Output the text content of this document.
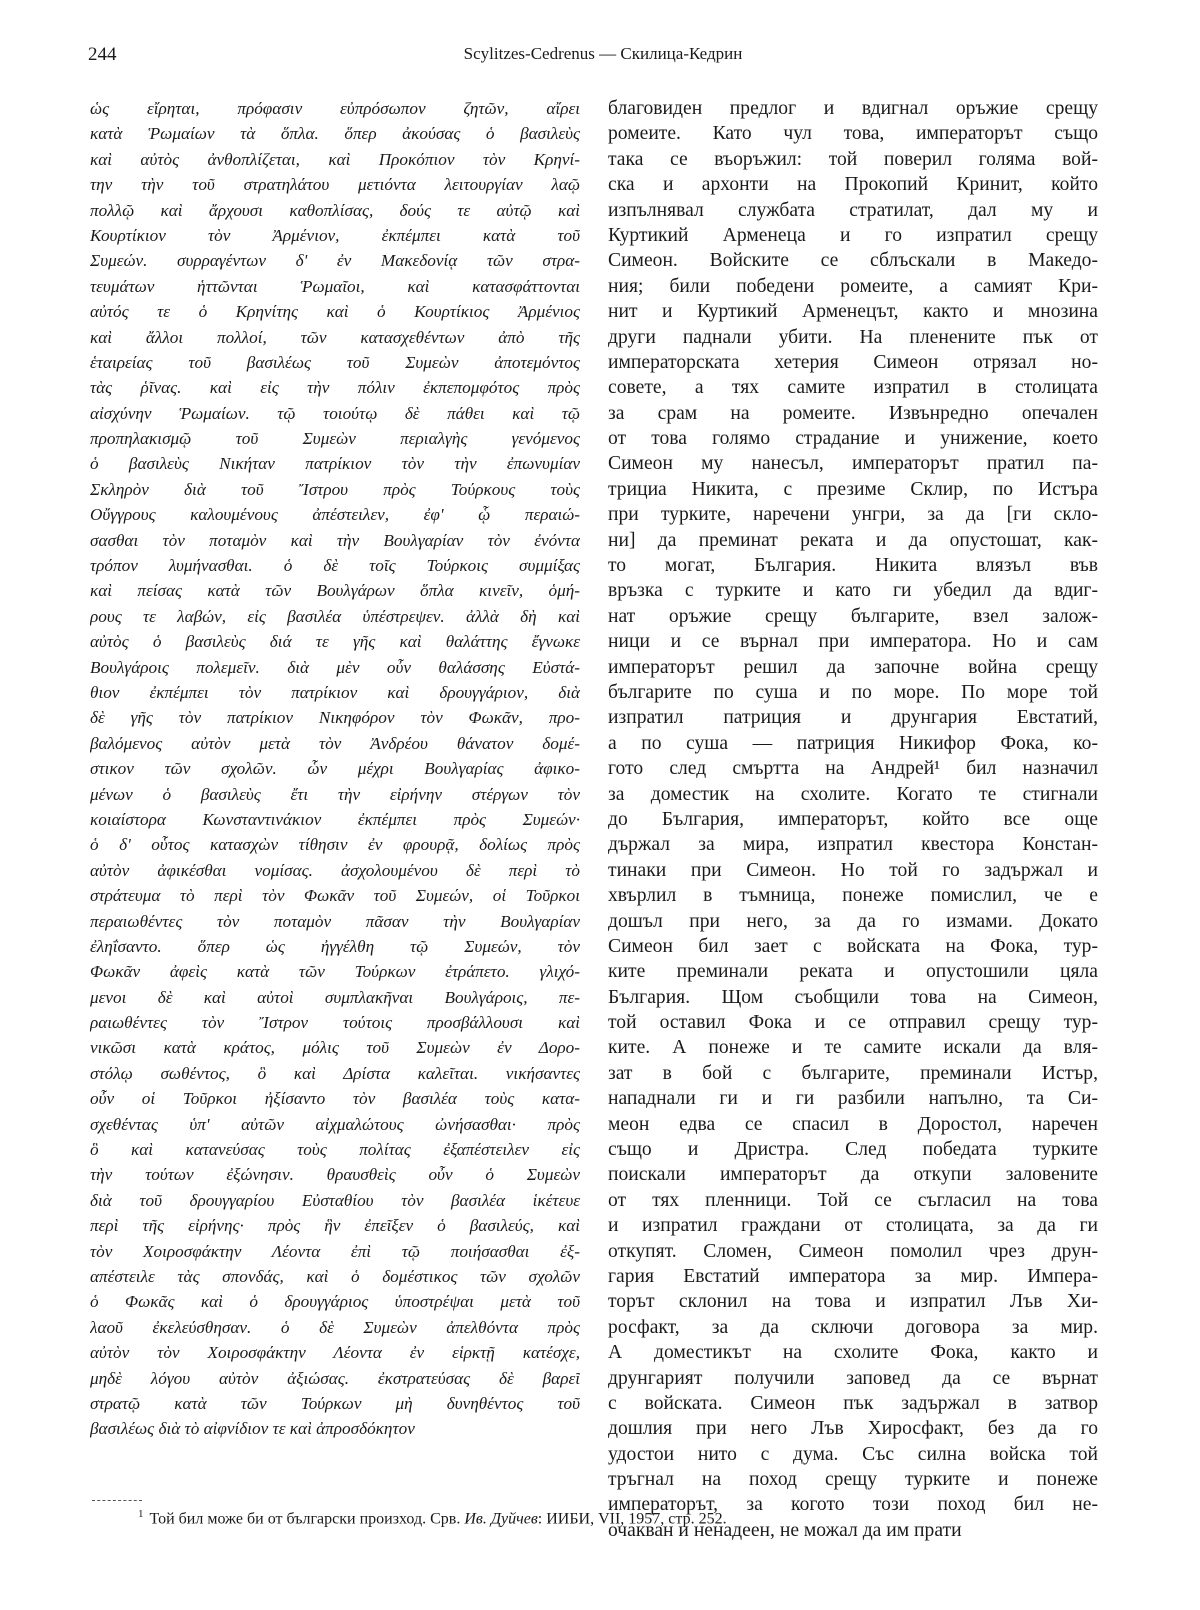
244	Scylitzes-Cedrenus — Скилица-Кедрин
ὡς εἴρηται, πρόφασιν εὐπρόσωπον ζητῶν, αἴρει
κατὰ Ῥωμαίων τὰ ὅπλα. ὅπερ ἀκούσας ὁ βασιλεὺς
καὶ αὐτὸς ἀνθοπλίζεται, καὶ Προκόπιον τὸν Κρηνί-
την τὴν τοῦ στρατηλάτου μετιόντα λειτουργίαν λαῷ
πολλῷ καὶ ἄρχουσι καθοπλίσας, δούς τε αὐτῷ καὶ
Κουρτίκιον τὸν Ἀρμένιον, ἐκπέμπει κατὰ τοῦ
Συμεών. συρραγέντων δ' ἐν Μακεδονίᾳ τῶν στρα-
τευμάτων ἡττῶνται Ῥωμαῖοι, καὶ κατασφάττονται
αὐτός τε ὁ Κρηνίτης καὶ ὁ Κουρτίκιος Ἀρμένιος
καὶ ἄλλοι πολλοί, τῶν κατασχεθέντων ἀπὸ τῆς
ἑταιρείας τοῦ βασιλέως τοῦ Συμεὼν ἀποτεμόντος
τὰς ῥῖνας. καὶ εἰς τὴν πόλιν ἐκπεπομφότος πρὸς
αἰσχύνην Ῥωμαίων. τῷ τοιούτῳ δὲ πάθει καὶ τῷ
προπηλακισμῷ τοῦ Συμεὼν περιαλγὴς γενόμενος
ὁ βασιλεὺς Νικήταν πατρίκιον τὸν τὴν ἐπωνυμίαν
Σκληρὸν διὰ τοῦ Ἴστρου πρὸς Τούρκους τοὺς
Οὔγγρους καλουμένους ἀπέστειλεν, ἐφ' ᾧ περαιώ-
σασθαι τὸν ποταμὸν καὶ τὴν Βουλγαρίαν τὸν ἐνόντα
τρόπον λυμήνασθαι. ὁ δὲ τοῖς Τούρκοις συμμίξας
καὶ πείσας κατὰ τῶν Βουλγάρων ὅπλα κινεῖν, ὁμή-
ρους τε λαβών, εἰς βασιλέα ὑπέστρεψεν. ἀλλὰ δὴ καὶ
αὐτὸς ὁ βασιλεὺς διά τε γῆς καὶ θαλάττης ἔγνωκε
Βουλγάροις πολεμεῖν. διὰ μὲν οὖν θαλάσσης Εὐστά-
θιον ἐκπέμπει τὸν πατρίκιον καὶ δρουγγάριον, διὰ
δὲ γῆς τὸν πατρίκιον Νικηφόρον τὸν Φωκᾶν, προ-
βαλόμενος αὐτὸν μετὰ τὸν Ἀνδρέου θάνατον δομέ-
στικον τῶν σχολῶν. ὧν μέχρι Βουλγαρίας ἀφικο-
μένων ὁ βασιλεὺς ἔτι τὴν εἰρήνην στέργων τὸν
κοιαίστορα Κωνσταντινάκιον ἐκπέμπει πρὸς Συμεών·
ὁ δ' οὗτος κατασχὼν τίθησιν ἐν φρουρᾷ, δολίως πρὸς
αὐτὸν ἀφικέσθαι νομίσας. ἀσχολουμένου δὲ περὶ τὸ
στράτευμα τὸ περὶ τὸν Φωκᾶν τοῦ Συμεών, οἱ Τοῦρκοι
περαιωθέντες τὸν ποταμὸν πᾶσαν τὴν Βουλγαρίαν
ἐληΐσαντο. ὅπερ ὡς ἠγγέλθη τῷ Συμεών, τὸν
Φωκᾶν ἀφεὶς κατὰ τῶν Τούρκων ἐτράπετο. γλιχό-
μενοι δὲ καὶ αὐτοὶ συμπλακῆναι Βουλγάροις, πε-
ραιωθέντες τὸν Ἴστρον τούτοις προσβάλλουσι καὶ
νικῶσι κατὰ κράτος, μόλις τοῦ Συμεὼν ἐν Δορο-
στόλῳ σωθέντος, ὃ καὶ Δρίστα καλεῖται. νικήσαντες
οὖν οἱ Τοῦρκοι ἠξίσαντο τὸν βασιλέα τοὺς κατα-
σχεθέντας ὑπ' αὐτῶν αἰχμαλώτους ὠνήσασθαι· πρὸς
ὃ καὶ κατανεύσας τοὺς πολίτας ἐξαπέστειλεν εἰς
τὴν τούτων ἐξώνησιν. θραυσθεὶς οὖν ὁ Συμεὼν
διὰ τοῦ δρουγγαρίου Εὐσταθίου τὸν βασιλέα ἱκέτευε
περὶ τῆς εἰρήνης· πρὸς ἣν ἐπεῖξεν ὁ βασιλεύς, καὶ
τὸν Χοιροσφάκτην Λέοντα ἐπὶ τῷ ποιήσασθαι ἐξ-
απέστειλε τὰς σπονδάς, καὶ ὁ δομέστικος τῶν σχολῶν
ὁ Φωκᾶς καὶ ὁ δρουγγάριος ὑποστρέψαι μετὰ τοῦ
λαοῦ ἐκελεύσθησαν. ὁ δὲ Συμεὼν ἀπελθόντα πρὸς
αὐτὸν τὸν Χοιροσφάκτην Λέοντα ἐν εἱρκτῇ κατέσχε,
μηδὲ λόγου αὐτὸν ἀξιώσας. ἐκστρατεύσας δὲ βαρεῖ
στρατῷ κατὰ τῶν Τούρκων μὴ δυνηθέντος τοῦ
βασιλέως διὰ τὸ αἰφνίδιον τε καὶ ἀπροσδόκητον
благовиден предлог и вдигнал оръжие срещу
ромеите. Като чул това, императорът също
така се въоръжил: той поверил голяма вой-
ска и архонти на Прокопий Кринит, който
изпълнявал службата стратилат, дал му и
Куртикий Арменеца и го изпратил срещу
Симеон. Войските се сблъскали в Македо-
ния; били победени ромеите, а самият Кри-
нит и Куртикий Арменецът, както и мнозина
други паднали убити. На пленените пък от
императорската хетерия Симеон отрязал но-
совете, а тях самите изпратил в столицата
за срам на ромеите. Извънредно опечален
от това голямо страдание и унижение, което
Симеон му нанесъл, императорът пратил па-
трициа Никита, с презиме Склир, по Истъра
при турките, наречени унгри, за да [ги скло-
ни] да преминат реката и да опустошат, как-
то могат, България. Никита влязъл във
връзка с турките и като ги убедил да вдиг-
нат оръжие срещу българите, взел залож-
ници и се върнал при императора. Но и сам
императорът решил да започне война срещу
българите по суша и по море. По море той
изпратил патриция и друнгария Евстатий,
а по суша — патриция Никифор Фока, ко-
гото след смъртта на Андрей¹ бил назначил
за доместик на схолите. Когато те стигнали
до България, императорът, който все още
държал за мира, изпратил квестора Констан-
тинаки при Симеон. Но той го задържал и
хвърлил в тъмница, понеже помислил, че е
дошъл при него, за да го измами. Докато
Симеон бил зает с войската на Фока, тур-
ките преминали реката и опустошили цяла
България. Щом съобщили това на Симеон,
той оставил Фока и се отправил срещу тур-
ките. А понеже и те самите искали да вля-
зат в бой с българите, преминали Истър,
нападнали ги и ги разбили напълно, та Си-
меон едва се спасил в Доростол, наречен
също и Дристра. След победата турките
поискали императорът да откупи заловените
от тях пленници. Той се съгласил на това
и изпратил граждани от столицата, за да ги
откупят. Сломен, Симеон помолил чрез друн-
гария Евстатий императора за мир. Импера-
торът склонил на това и изпратил Лъв Хи-
росфакт, за да сключи договора за мир.
А доместикът на схолите Фока, както и
друнгарият получили заповед да се върнат
с войската. Симеон пък задържал в затвор
дошлия при него Лъв Хиросфакт, без да го
удостои нито с дума. Със силна войска той
тръгнал на поход срещу турките и понеже
императорът, за когото този поход бил не-
очакван и ненадеен, не можал да им прати
$^1$ Той бил може би от български произход. Срв. Ив. Дуйчев: ИИБИ, VII, 1957, стр. 252.
